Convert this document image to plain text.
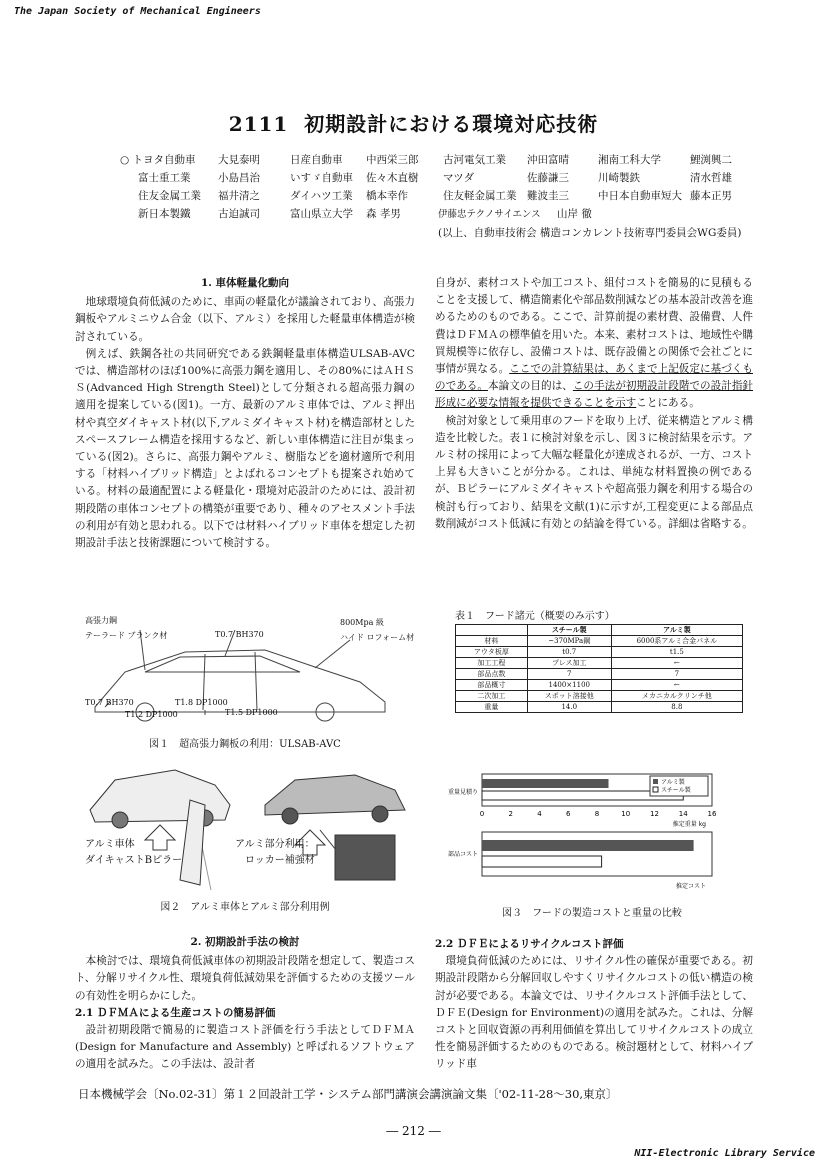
The Japan Society of Mechanical Engineers
2111 初期設計における環境対応技術
○ トヨタ自動車 大見泰明	日産自動車 中西栄三郎 古河電気工業 沖田富晴	湘南工科大学	鯉渕興二
富士重工業	小島昌治	いすゞ自動車 佐々木直樹 マツダ	佐藤謙三	川崎製鉄	清水哲雄
住友金属工業 福井清之	ダイハツ工業 橋本幸作	住友軽金属工業 難波圭三	中日本自動車短大 藤本正男
新日本製鐵	古迫誠司	富山県立大学 森 孝男	伊藤忠テクノサイエンス 山岸 徹
(以上、自動車技術会 構造コンカレント技術専門委員会WG委員)
1. 車体軽量化動向

地球環境負荷低減のために、車両の軽量化が議論されており、高張力鋼板やアルミニウム合金（以下、アルミ）を採用した軽量車体構造が検討されている。

例えば、鉄鋼各社の共同研究である鉄鋼軽量車体構造ULSAB-AVCでは、構造部材のほぼ100%に高張力鋼を適用し、その80%にはＡＨＳＳ(Advanced High Strength Steel)として分類される超高張力鋼の適用を提案している(図1)。一方、最新のアルミ車体では、アルミ押出材や真空ダイキャスト材(以下,アルミダイキャスト材)を構造部材としたスペースフレーム構造を採用するなど、新しい車体構造に注目が集まっている(図2)。さらに、高張力鋼やアルミ、樹脂などを適材適所で利用する「材料ハイブリッド構造」とよばれるコンセプトも提案され始めている。材料の最適配置による軽量化・環境対応設計のためには、設計初期段階の車体コンセプトの構築が重要であり、種々のアセスメント手法の利用が有効と思われる。以下では材料ハイブリッド車体を想定した初期設計手法と技術課題について検討する。

高張力鋼
テーラード ブランク材	T0.7 BH370
800Mpa 級
ハイド ロフォーム材
T0.7 BH370	T1.8 DP1000
T1.2 DP1000	T1.5 DP1000
図１　超高張力鋼板の利用：ULSAB-AVC
アルミ車体
ダイキャストBピラー
アルミ部分利用：
ロッカー補強材
図２　アルミ車体とアルミ部分利用例
2. 初期設計手法の検討

本検討では、環境負荷低減車体の初期設計段階を想定して、製造コスト、分解リサイクル性、環境負荷低減効果を評価するための支援ツールの有効性を明らかにした。

2.1 ＤＦＭＡによる生産コストの簡易評価

設計初期段階で簡易的に製造コスト評価を行う手法としてＤＦＭＡ (Design for Manufacture and Assembly) と呼ばれるソフトウェアの適用を試みた。この手法は、設計者

自身が、素材コストや加工コスト、組付コストを簡易的に見積もることを支援して、構造簡素化や部品数削減などの基本設計改善を進めるためのものである。ここで、計算前提の素材費、設備費、人件費はＤＦＭＡの標準値を用いた。本来、素材コストは、地域性や購買規模等に依存し、設備コストは、既存設備との関係で会社ごとに事情が異なる。ここでの計算結果は、あくまで上記仮定に基づくものである。本論文の目的は、この手法が初期設計段階での設計指針形成に必要な情報を提供できることを示すことにある。

検討対象として乗用車のフードを取り上げ、従来構造とアルミ構造を比較した。表１に検討対象を示し、図３に検討結果を示す。アルミ材の採用によって大幅な軽量化が達成されるが、一方、コスト上昇も大きいことが分かる。これは、単純な材料置換の例であるが、Ｂピラーにアルミダイキャストや超高張力鋼を利用する場合の検討も行っており、結果を文献(1)に示すが,工程変更による部品点数削減がコスト低減に有効との結論を得ている。詳細は省略する。

表１　フード諸元（概要のみ示す）
	スチール製	アルミ製
材料	~370MPa鋼	6000系アルミ合金パネル
アウタ板厚	t0.7	t1.5
加工工程	プレス加工	←
部品点数	7	7
部品概寸	1400×1100	←
二次加工	スポット溶接他	メカニカルクリンチ他
重量	14.0	8.8
重量見積り
0	2	4	6	8	10	12	14	16
推定重量 kg
アルミ製
スチール製
部品コスト
推定コスト
図３　フードの製造コストと重量の比較
2.2 ＤＦＥによるリサイクルコスト評価

環境負荷低減のためには、リサイクル性の確保が重要である。初期設計段階から分解回収しやすくリサイクルコストの低い構造の検討が必要である。本論文では、リサイクルコスト評価手法として、ＤＦＥ(Design for Environment)の適用を試みた。これは、分解コストと回収資源の再利用価値を算出してリサイクルコストの成立性を簡易評価するためのものである。検討題材として、材料ハイブリッド車

日本機械学会〔No.02-31〕第１２回設計工学・システム部門講演会講演論文集〔'02-11-28～30,東京〕
― 212 ―
NII-Electronic Library Service
